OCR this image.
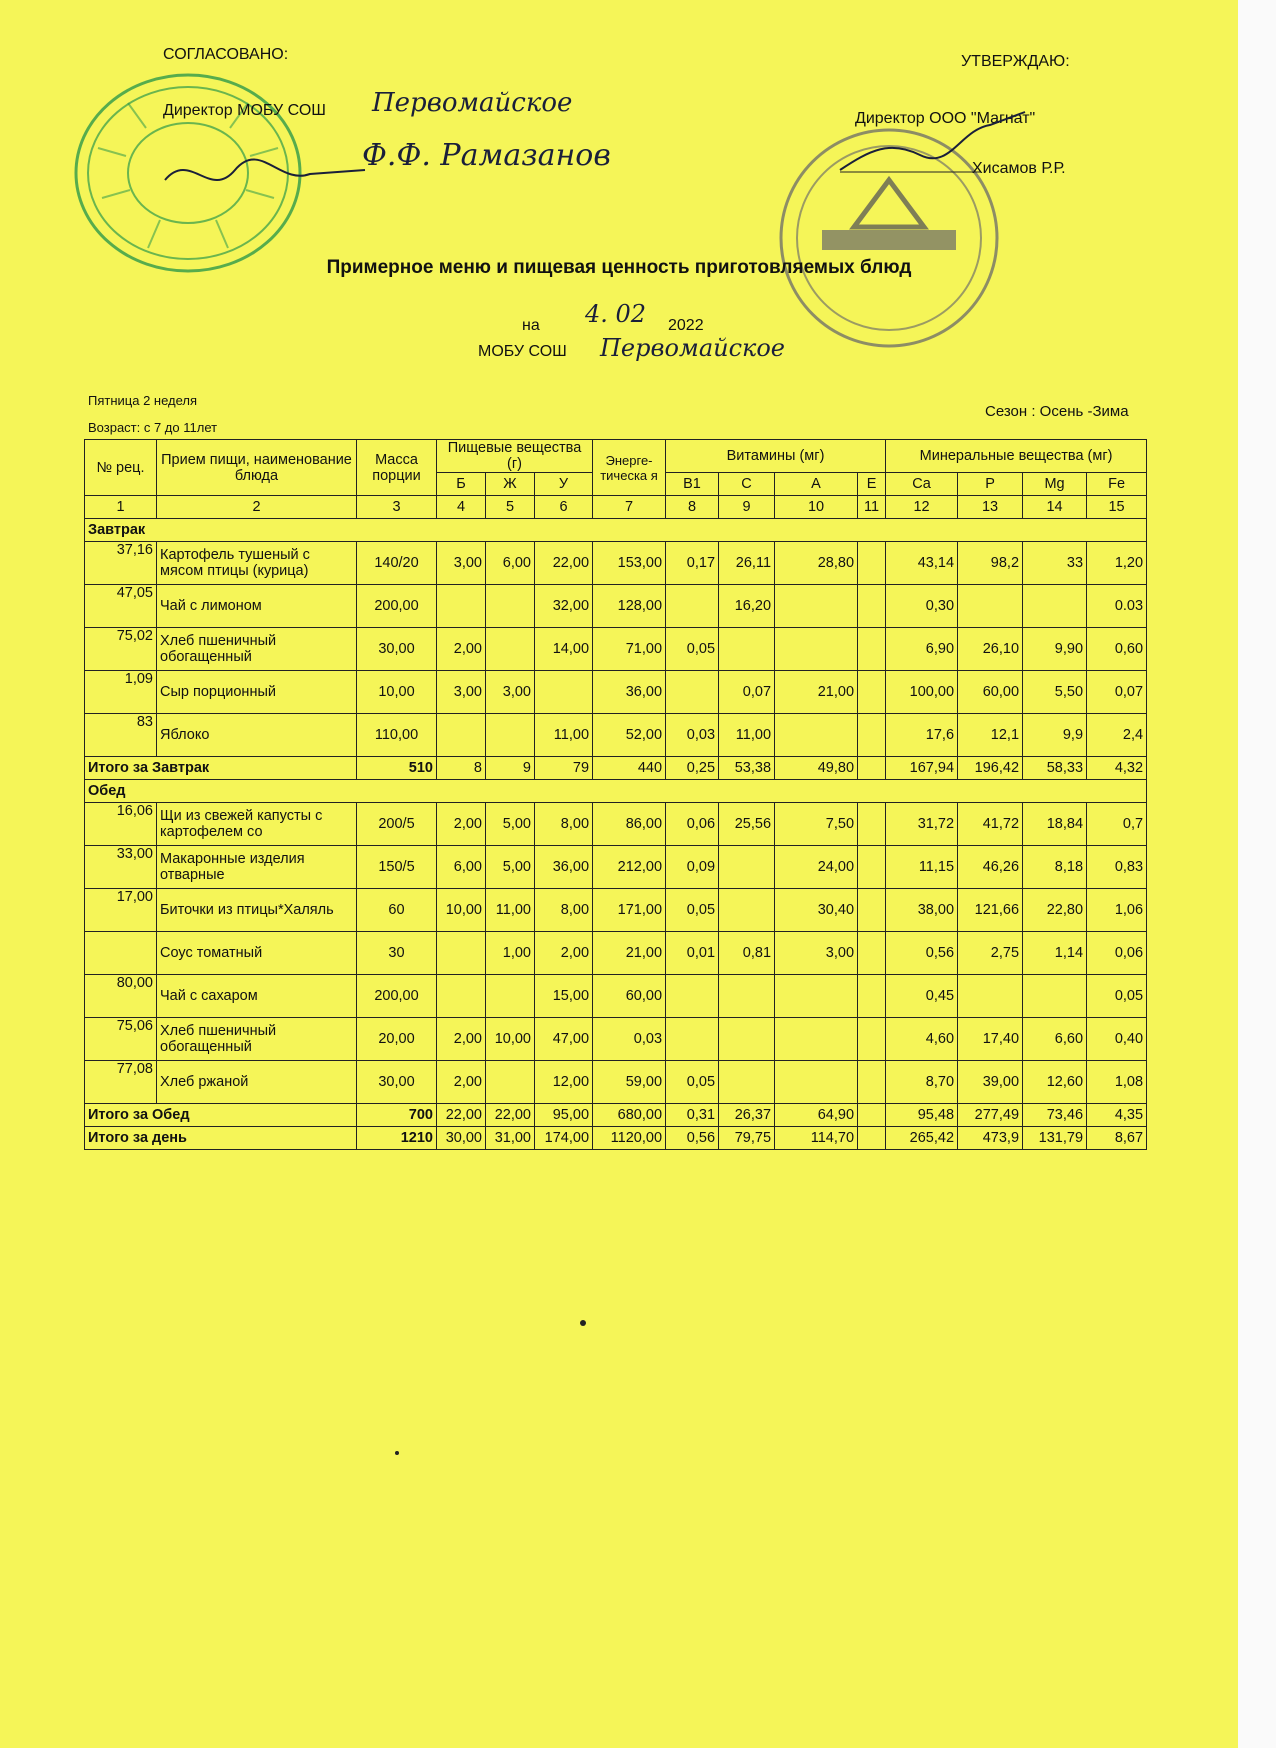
СОГЛАСОВАНО:
Директор МОБУ СОШ Первомайское
Ф.Ф. Рамазанов
УТВЕРЖДАЮ:
Директор ООО "Магнат"
Хисамов Р.Р.
Примерное меню и пищевая ценность приготовляемых блюд
на 4. 02 2022
МОБУ СОШ Первомайское
Пятница 2 неделя
Возраст: с 7 до 11лет
Сезон : Осень -Зима
№ рец.	Прием пищи, наименование блюда	Масса порции	Пищевые вещества (г)			Энерге-тическа я	Витамины (мг)				Минеральные вещества (мг)			
			Б	Ж	У		В1	С	А	Е	Ca	P	Mg	Fe
1	2	3	4	5	6	7	8	9	10	11	12	13	14	15
Завтрак														
37,16	Картофель тушеный с мясом птицы (курица)	140/20	3,00	6,00	22,00	153,00	0,17	26,11	28,80		43,14	98,2	33	1,20
47,05	Чай с лимоном	200,00			32,00	128,00		16,20			0,30			0.03
75,02	Хлеб пшеничный обогащенный	30,00	2,00		14,00	71,00	0,05				6,90	26,10	9,90	0,60
1,09	Сыр порционный	10,00	3,00	3,00		36,00		0,07	21,00		100,00	60,00	5,50	0,07
83	Яблоко	110,00			11,00	52,00	0,03	11,00			17,6	12,1	9,9	2,4
Итого за Завтрак		510	8	9	79	440	0,25	53,38	49,80		167,94	196,42	58,33	4,32
Обед														
16,06	Щи из свежей капусты с картофелем со	200/5	2,00	5,00	8,00	86,00	0,06	25,56	7,50		31,72	41,72	18,84	0,7
33,00	Макаронные изделия отварные	150/5	6,00	5,00	36,00	212,00	0,09		24,00		11,15	46,26	8,18	0,83
17,00	Биточки из птицы*Халяль	60	10,00	11,00	8,00	171,00	0,05		30,40		38,00	121,66	22,80	1,06
	Соус томатный	30		1,00	2,00	21,00	0,01	0,81	3,00		0,56	2,75	1,14	0,06
80,00	Чай с сахаром	200,00			15,00	60,00					0,45			0,05
75,06	Хлеб пшеничный обогащенный	20,00	2,00	10,00	47,00	0,03					4,60	17,40	6,60	0,40
77,08	Хлеб ржаной	30,00	2,00		12,00	59,00	0,05				8,70	39,00	12,60	1,08
Итого за Обед		700	22,00	22,00	95,00	680,00	0,31	26,37	64,90		95,48	277,49	73,46	4,35
Итого за день		1210	30,00	31,00	174,00	1120,00	0,56	79,75	114,70		265,42	473,9	131,79	8,67
